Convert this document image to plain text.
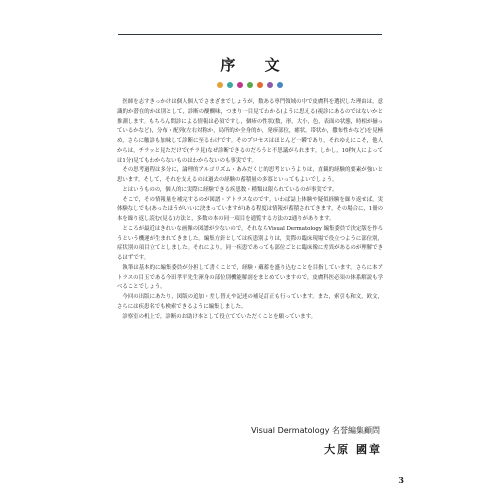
序 文

医師を志すきっかけは個人個人でさまざまでしょうが，数ある専門領域の中で皮膚科を選択した理由は，意識的か潜在的かは別として，診断の醍醐味，つまり一目見てわかる(ように思える)視診にあるのではないかと推測します。もちろん問診による情報は必須ですし，個疹の性状(数，形，大小，色，表面の状態，時相が揃っているかなど)，分布・配列(左右対称か，局所的か全身的か，発疹部位，癒状，帯状か，撒布性かなど)を見極め，さらに触診も加味して診断に至るわけです。そのプロセスはほとんど一瞬であり，それゆえにこそ，他人からは，チラッと見ただけで(チラ見)なぜ診断できるのだろうと不思議がられます。しかし，10秒(人によっては1分)見てもわからないものはわからないのも事実です。

その思考過程は多分に，論理的アルゴリズム・あみだくじ的思考というよりは，直観的経験的要素が強いと思います。そして，それを支えるのは過去の経験の蓄積量の多寡といってもよいでしょう。

とはいうものの，個人的に実際に経験できる疾患数・種類は限られているのが事実です。

そこで，その情報量を補完するのが図譜・アトラスなのです。いわば誌上体験や疑似経験を繰り返せば，実体験なしでも(あったほうがいいに決まっていますが)ある程度は情報が蓄積されてきます。その場合に，1冊の本を繰り返し読む(見る)方法と，多数の本の同一項目を通覧する方法の2通りがあります。

ところが最近はきれいな画像の図譜が少ないので，それならVisual Dermatology 編集委員で決定版を作ろうという機運が生まれてきました。編集方針としては疾患別よりは，実際の臨床現場で役立つように部位別，症状別の項目立てとしました。それにより，同一疾患であっても部位ごとに臨床像に差異があるのが理解できるはずです。

執筆は基本的に編集委員が分担して書くことで，経験・蘊蓄を盛り込むことを目指しています。さらに本アトラスの目玉である今田孝平先生渾身の部位別機能解剖をまとめていますので，皮膚科医必須の体系解説も学べることでしょう。

今回の出版にあたり，図版の追加・差し替えや記述の補足訂正も行っています。また，索引も和文，欧文，さらには疾患名でも検索できるように編集しました。

診察室の机上で，診断のお助け本として役立てていただくことを願っています。

Visual Dermatology 名誉編集顧問
大原 國章
3
